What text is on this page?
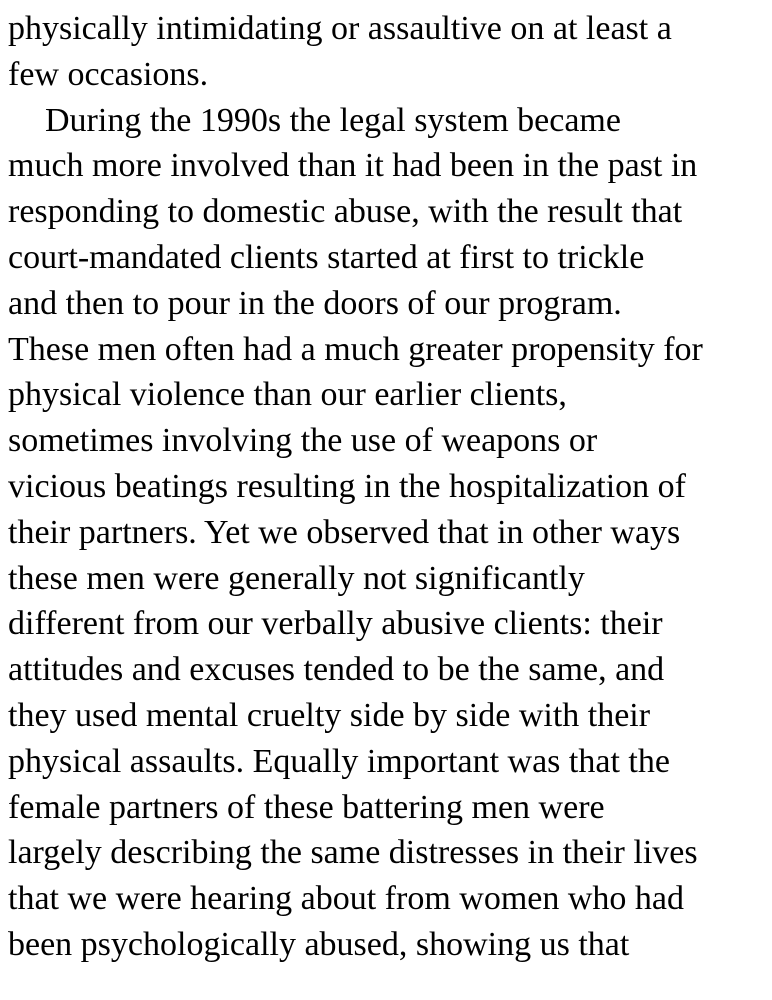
physically intimidating or assaultive on at least a
few occasions.
During the 1990s the legal system became
much more involved than it had been in the past in
responding to domestic abuse, with the result that
court-mandated clients started at first to trickle
and then to pour in the doors of our program.
These men often had a much greater propensity for
physical violence than our earlier clients,
sometimes involving the use of weapons or
vicious beatings resulting in the hospitalization of
their partners. Yet we observed that in other ways
these men were generally not significantly
different from our verbally abusive clients: their
attitudes and excuses tended to be the same, and
they used mental cruelty side by side with their
physical assaults. Equally important was that the
female partners of these battering men were
largely describing the same distresses in their lives
that we were hearing about from women who had
been psychologically abused, showing us that
